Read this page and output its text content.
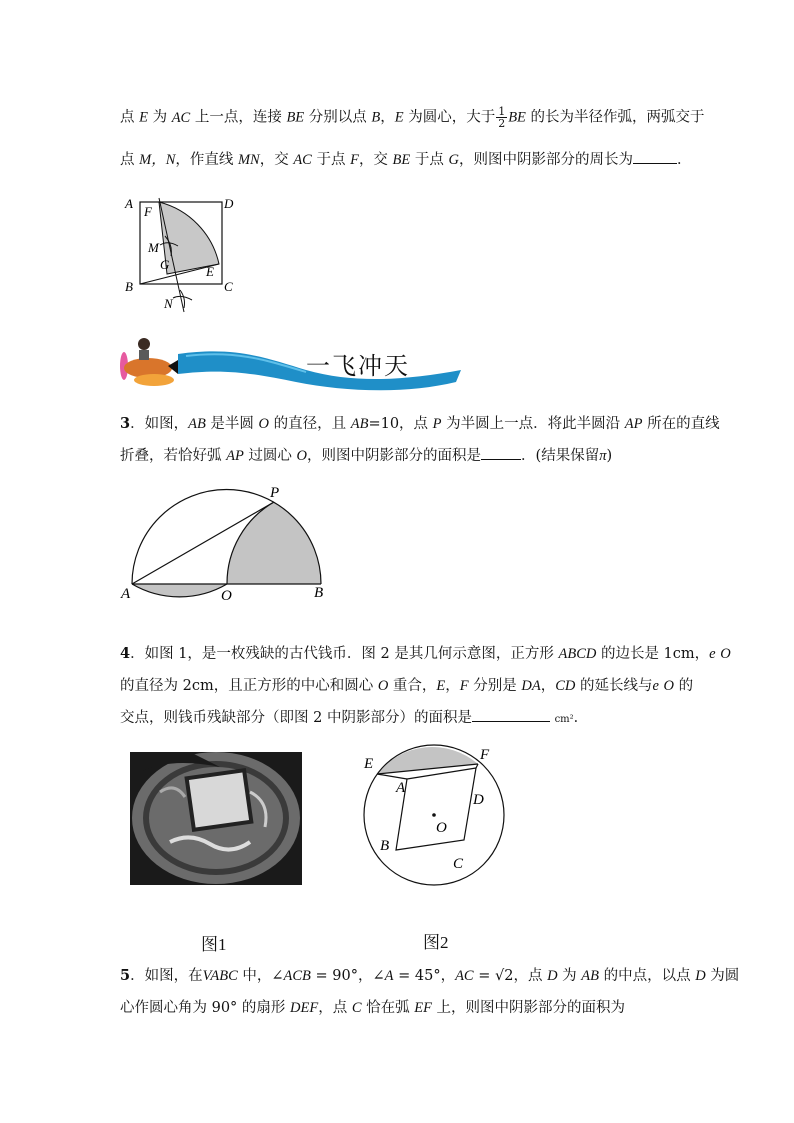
点 E 为 AC 上一点，连接 BE 分别以点 B，E 为圆心，大于 $\frac{1}{2}$ BE 的长为半径作弧，两弧交于
点 M，N，作直线 MN，交 AC 于点 F，交 BE 于点 G，则图中阴影部分的周长为	．
A	D
F
M
G	E
B	C
N
一飞冲天
3．如图，AB 是半圆 O 的直径，且 AB=10，点 P 为半圆上一点．将此半圆沿 AP 所在的直线
折叠，若恰好弧 AP 过圆心 O，则图中阴影部分的面积是	．(结果保留π)
P
A	O	B
4．如图 1，是一枚残缺的古代钱币．图 2 是其几何示意图，正方形 ABCD 的边长是 1cm，e O
的直径为 2cm，且正方形的中心和圆心 O 重合，E，F 分别是 DA，CD 的延长线与e O 的
交点，则钱币残缺部分（即图 2 中阴影部分）的面积是	cm²．
图1
E
F
A
D
O
B
C
图2
5．如图，在VABC 中，∠ACB = 90°，∠A = 45°，AC = √2，点 D 为 AB 的中点，以点 D 为圆
心作圆心角为 90° 的扇形 DEF，点 C 恰在弧 EF 上，则图中阴影部分的面积为
